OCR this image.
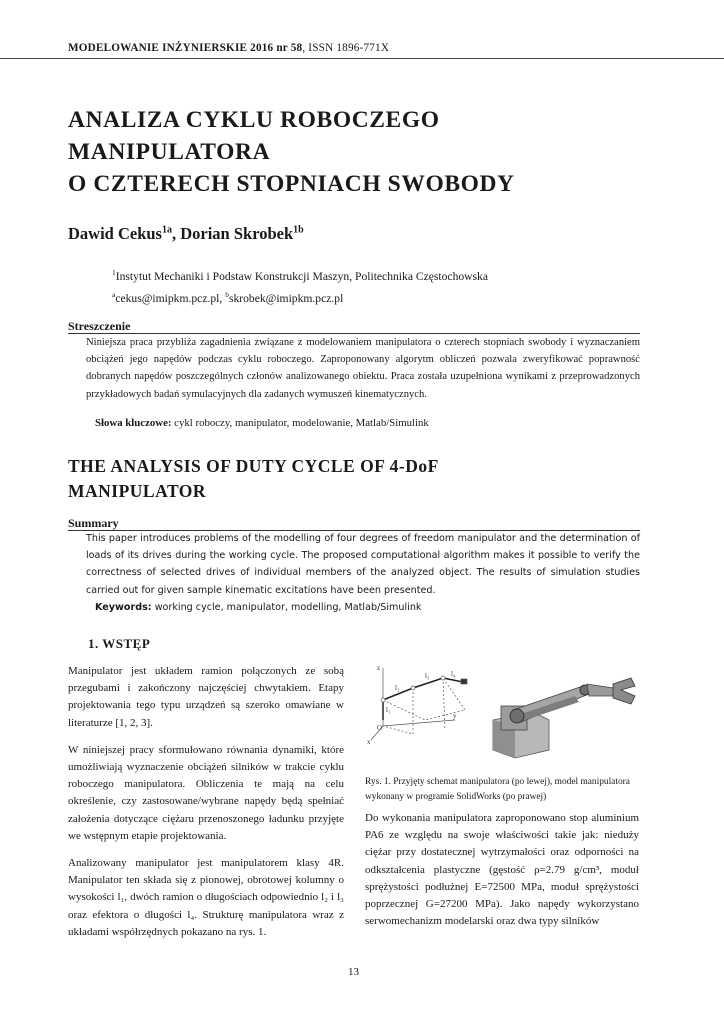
MODELOWANIE INŻYNIERSKIE 2016 nr 58, ISSN 1896-771X
ANALIZA CYKLU ROBOCZEGO
MANIPULATORA
O CZTERECH STOPNIACH SWOBODY
Dawid Cekus$^{1a}$, Dorian Skrobek$^{1b}$
$^1$Instytut Mechaniki i Podstaw Konstrukcji Maszyn, Politechnika Częstochowska
$^a$cekus@imipkm.pcz.pl, $^b$skrobek@imipkm.pcz.pl
Streszczenie
Niniejsza praca przybliża zagadnienia związane z modelowaniem manipulatora o czterech stopniach swobody i wyznaczaniem obciążeń jego napędów podczas cyklu roboczego. Zaproponowany algorytm obliczeń pozwala zweryfikować poprawność dobranych napędów poszczególnych członów analizowanego obiektu. Praca została uzupełniona wynikami z przeprowadzonych przykładowych badań symulacyjnych dla zadanych wymuszeń kinematycznych.
Słowa kluczowe: cykl roboczy, manipulator, modelowanie, Matlab/Simulink
THE ANALYSIS OF DUTY CYCLE OF 4-DoF
MANIPULATOR
Summary
This paper introduces problems of the modelling of four degrees of freedom manipulator and the determination of loads of its drives during the working cycle. The proposed computational algorithm makes it possible to verify the correctness of selected drives of individual members of the analyzed object. The results of simulation studies carried out for given sample kinematic excitations have been presented.
Keywords: working cycle, manipulator, modelling, Matlab/Simulink
1. WSTĘP

Manipulator jest układem ramion połączonych ze sobą przegubami i zakończony najczęściej chwytakiem. Etapy projektowania tego typu urządzeń są szeroko omawiane w literaturze [1, 2, 3].

W niniejszej pracy sformułowano równania dynamiki, które umożliwiają wyznaczenie obciążeń silników w trakcie cyklu roboczego manipulatora. Obliczenia te mają na celu określenie, czy zastosowane/wybrane napędy będą spełniać założenia dotyczące ciężaru przenoszonego ładunku przyjęte we wstępnym etapie projektowania.

Analizowany manipulator jest manipulatorem klasy 4R. Manipulator ten składa się z pionowej, obrotowej kolumny o wysokości l₁, dwóch ramion o długościach odpowiednio l₂ i l₃ oraz efektora o długości l₄. Strukturę manipulatora wraz z układami współrzędnych pokazano na rys. 1.

z
x
y
O
l₁
l₂
l₃	l₄
Rys. 1. Przyjęty schemat manipulatora (po lewej), model manipulatora wykonany w programie SolidWorks (po prawej)

Do wykonania manipulatora zaproponowano stop aluminium PA6 ze względu na swoje właściwości takie jak: nieduży ciężar przy dostatecznej wytrzymałości oraz odporności na odkształcenia plastyczne (gęstość ρ=2.79 g/cm³, moduł sprężystości podłużnej E=72500 MPa, moduł sprężystości poprzecznej G=27200 MPa). Jako napędy wykorzystano serwomechanizm modelarski oraz dwa typy silników

13
